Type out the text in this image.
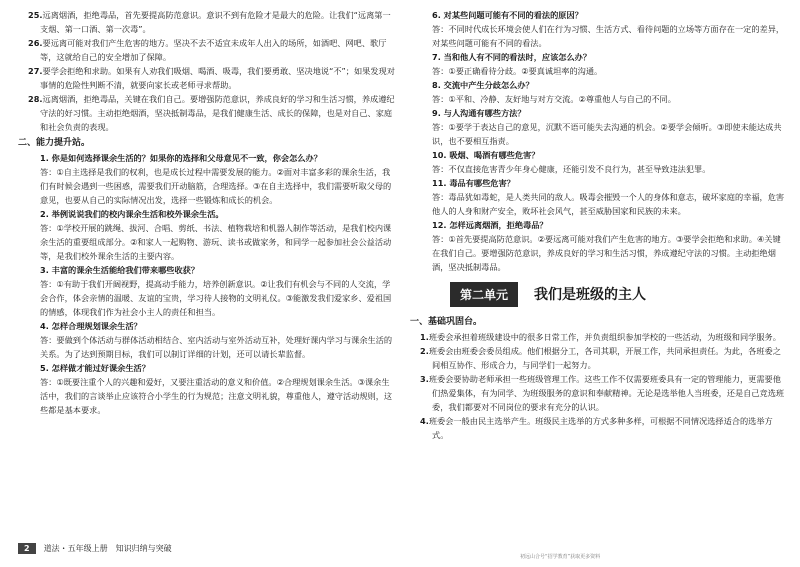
25.远离烟酒，拒绝毒品，首先要提高防范意识。意识不到有危险才是最大的危险。让我们“远离第一支烟、第一口酒、第一次毒”。

26.要远离可能对我们产生危害的地方。坚决不去不适宜未成年人出入的场所，如酒吧、网吧、歌厅等，这就给自己的安全增加了保障。

27.要学会拒绝和求助。如果有人劝我们吸烟、喝酒、吸毒，我们要勇敢、坚决地说“不”；如果发现对事情的危险性判断不清，就要向家长或老师寻求帮助。

28.远离烟酒，拒绝毒品，关键在我们自己。要增强防范意识，养成良好的学习和生活习惯，养成遵纪守法的好习惯。主动拒绝烟酒，坚决抵制毒品，是我们健康生活、成长的保障，也是对自己、家庭和社会负责的表现。

二、能力提升站。

1. 你是如何选择课余生活的？如果你的选择和父母意见不一致，你会怎么办？

答：①自主选择是我们的权利，也是成长过程中需要发展的能力。②面对丰富多彩的课余生活，我们有时候会遇到一些困惑，需要我们开动脑筋，合理选择。③在自主选择中，我们需要听取父母的意见，也要从自己的实际情况出发，选择一些锻炼和成长的机会。

2. 举例说说我们的校内课余生活和校外课余生活。

答：①学校开展的跳绳、拔河、合唱、剪纸、书法、植物栽培和机器人制作等活动，是我们校内课余生活的重要组成部分。②和家人一起购物、游玩、读书或做家务，和同学一起参加社会公益活动等，是我们校外课余生活的主要内容。

3. 丰富的课余生活能给我们带来哪些收获？

答：①有助于我们开阔视野，提高动手能力，培养创新意识。②让我们有机会与不同的人交流，学会合作，体会亲情的温暖、友谊的宝贵，学习待人接物的文明礼仪。③能激发我们爱家乡、爱祖国的情感，体现我们作为社会小主人的责任和担当。

4. 怎样合理规划课余生活？

答：要做到个体活动与群体活动相结合、室内活动与室外活动互补，处理好课内学习与课余生活的关系。为了达到预期目标，我们可以制订详细的计划，还可以请长辈监督。

5. 怎样做才能过好课余生活？

答：①既要注重个人的兴趣和爱好，又要注重活动的意义和价值。②合理规划课余生活。③课余生活中，我们的言谈举止应该符合小学生的行为规范；注意文明礼貌，尊重他人，遵守活动规则，这些都是基本要求。

6. 对某些问题可能有不同的看法的原因？

答：不同时代成长环境会使人们在行为习惯、生活方式、看待问题的立场等方面存在一定的差异，对某些问题可能有不同的看法。

7. 当和他人有不同的看法时，应该怎么办？

答：①要正确看待分歧。②要真诚坦率的沟通。

8. 交流中产生分歧怎么办？

答：①平和、冷静、友好地与对方交流。②尊重他人与自己的不同。

9. 与人沟通有哪些方法？

答：①要学于表达自己的意见，沉默不语可能失去沟通的机会。②要学会倾听。③即使未能达成共识，也不要相互指责。

10. 吸烟、喝酒有哪些危害？

答：不仅直接危害青少年身心健康，还能引发不良行为，甚至导致违法犯罪。

11. 毒品有哪些危害？

答：毒品犹如毒蛇，是人类共同的敌人。吸毒会摧毁一个人的身体和意志，破坏家庭的幸福，危害他人的人身和财产安全，败坏社会风气，甚至威胁国家和民族的未来。

12. 怎样远离烟酒，拒绝毒品？

答：①首先要提高防范意识。②要远离可能对我们产生危害的地方。③要学会拒绝和求助。④关键在我们自己。要增强防范意识，养成良好的学习和生活习惯，养成遵纪守法的习惯。主动拒绝烟酒，坚决抵制毒品。

第二单元	我们是班级的主人
一、基础巩固台。

1.班委会承担着班级建设中的很多日常工作，并负责组织参加学校的一些活动，为班级和同学服务。

2.班委会由班委会委员组成。他们根据分工，各司其职，开展工作，共同承担责任。为此，各班委之间相互协作、形成合力，与同学们一起努力。

3.班委会要协助老师承担一些班级管理工作。这些工作不仅需要班委具有一定的管理能力，更需要他们热爱集体，有为同学、为班级服务的意识和奉献精神。无论是选举他人当班委，还是自己竞选班委，我们都要对不同岗位的要求有充分的认识。

4.班委会一般由民主选举产生。班级民主选举的方式多种多样，可根据不同情况选择适合的选举方式。

2	道法・五年级上册　知识归纳与突破
初远山合号“招学教育”获取更多资料
